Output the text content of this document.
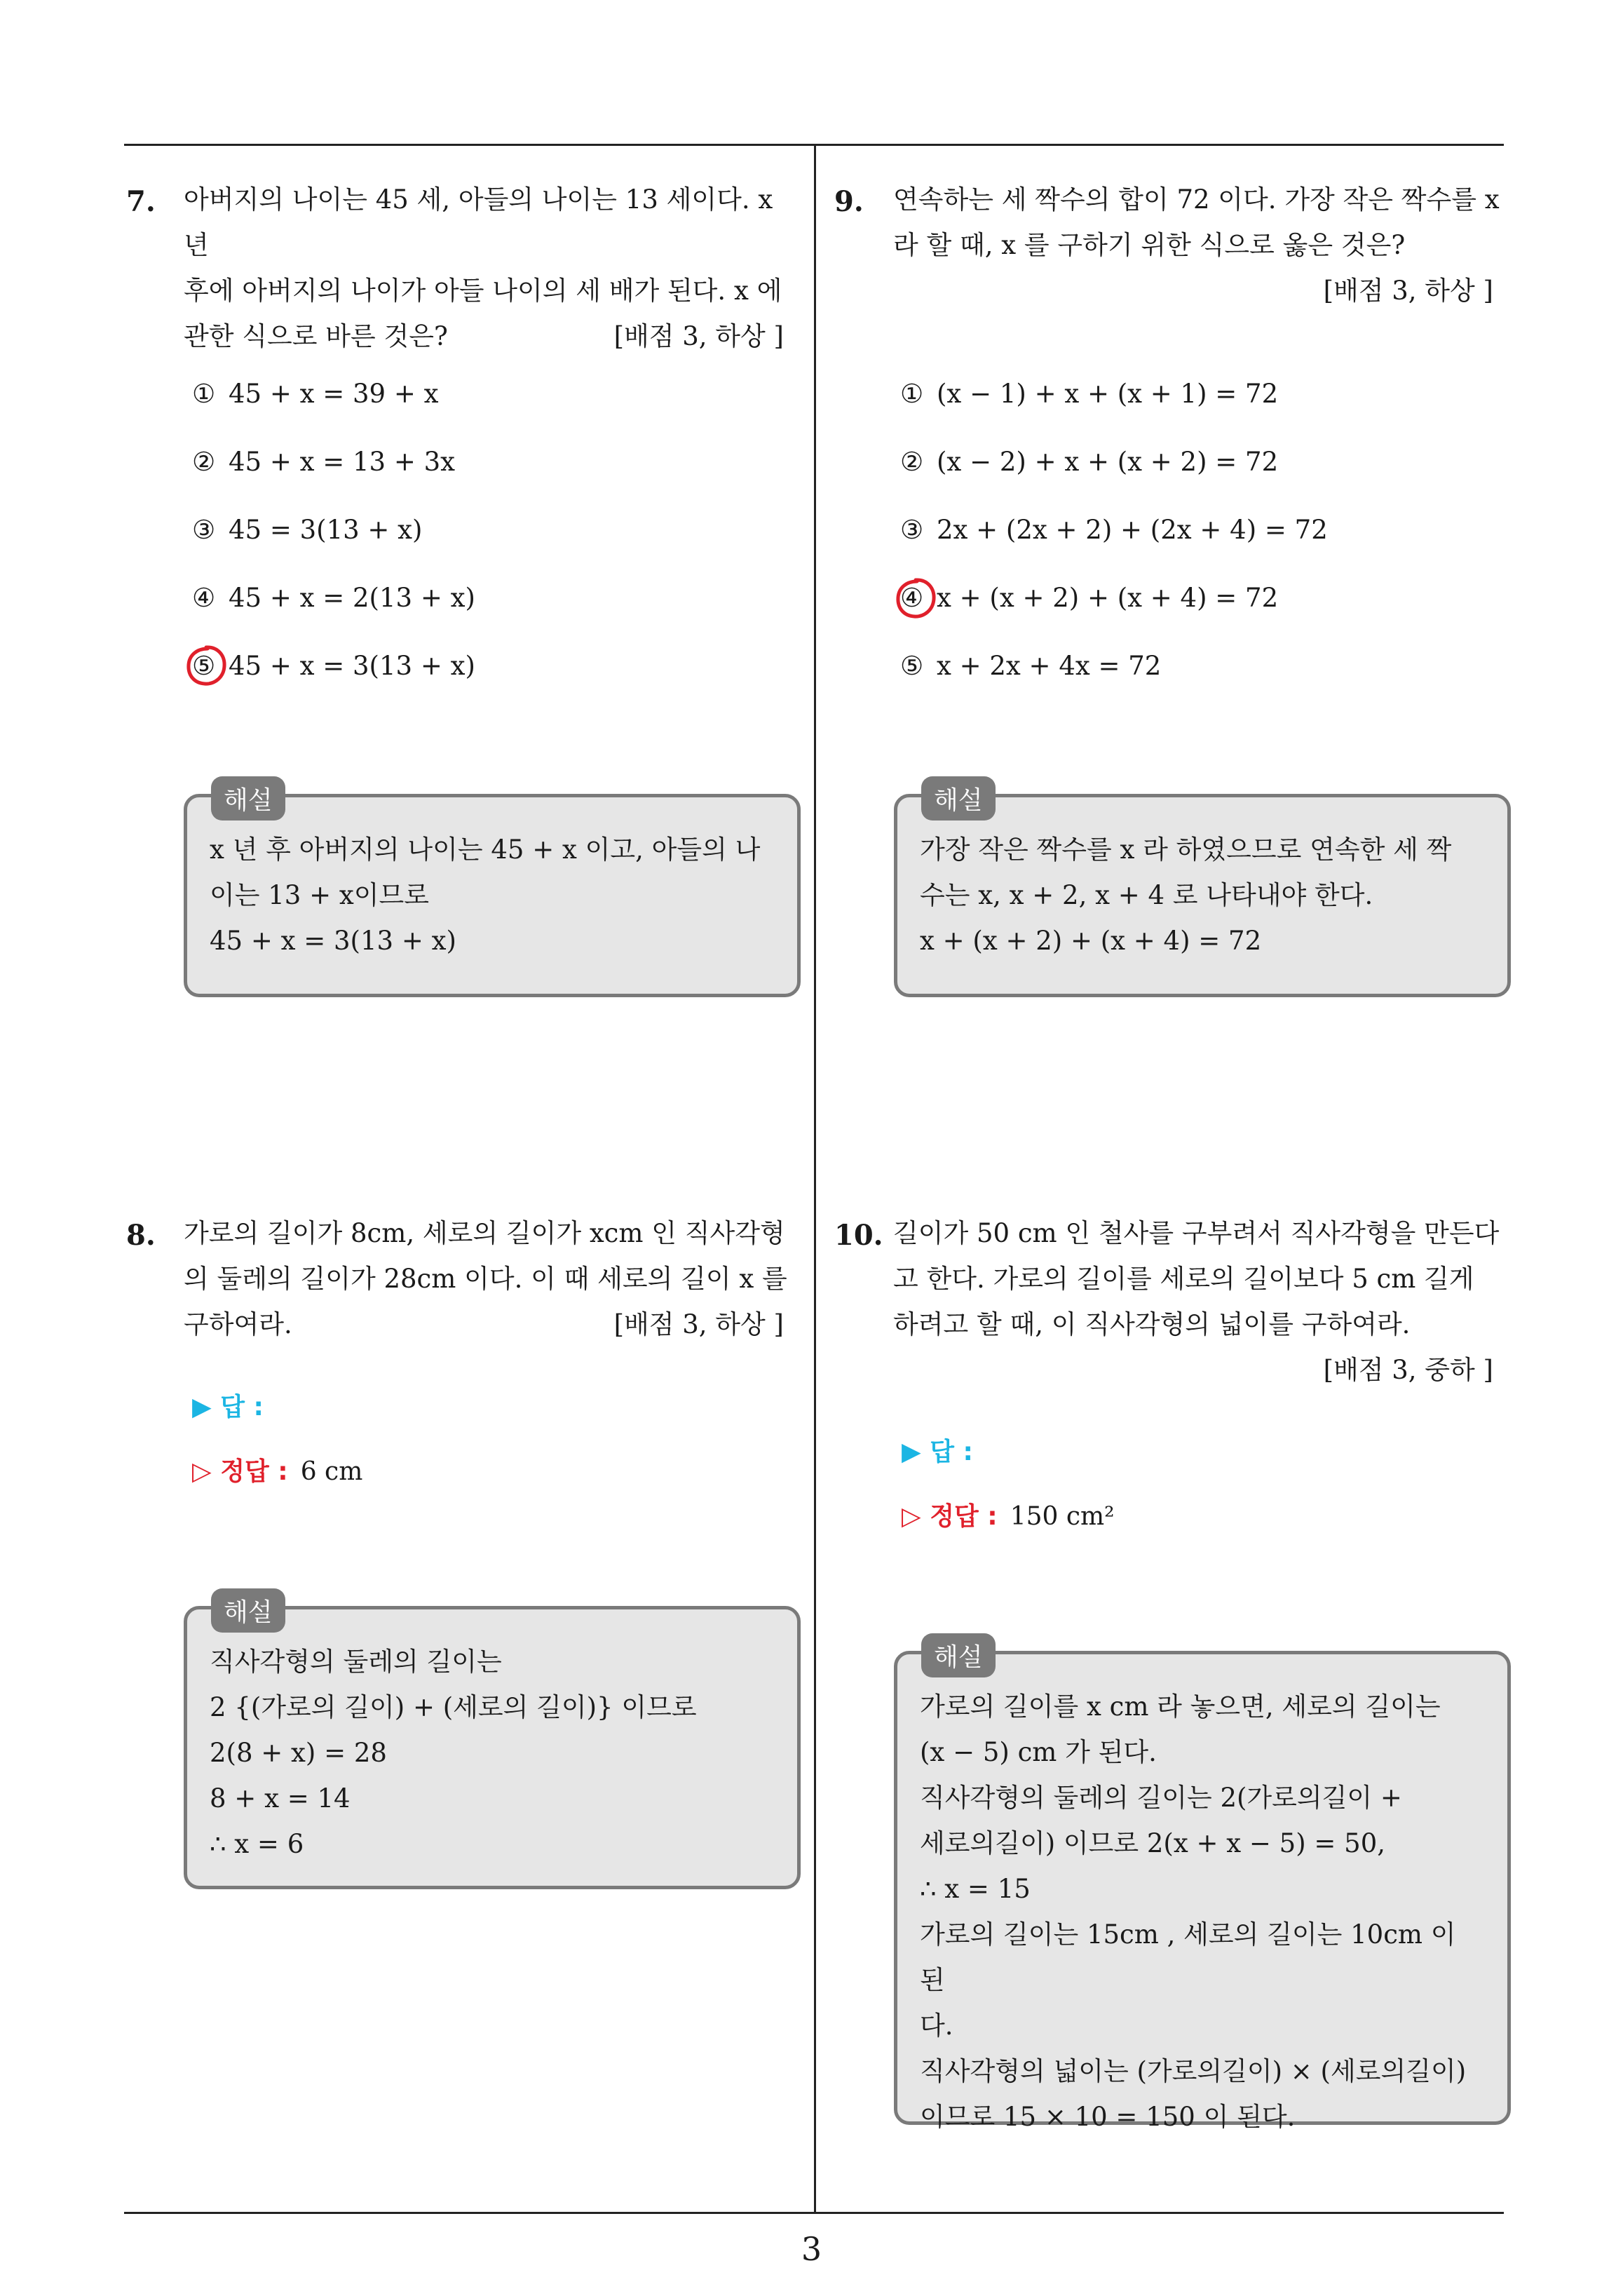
7. 아버지의 나이는 45 세, 아들의 나이는 13 세이다. x 년
후에 아버지의 나이가 아들 나이의 세 배가 된다. x 에
관한 식으로 바른 것은?	[배점 3, 하상 ]
① 45 + x = 39 + x
② 45 + x = 13 + 3x
③ 45 = 3(13 + x)
④ 45 + x = 2(13 + x)
⑤ 45 + x = 3(13 + x)
해설
x 년 후 아버지의 나이는 45 + x 이고, 아들의 나
이는 13 + x이므로
45 + x = 3(13 + x)
9. 연속하는 세 짝수의 합이 72 이다. 가장 작은 짝수를 x
라 할 때, x 를 구하기 위한 식으로 옳은 것은?
[배점 3, 하상 ]
① (x − 1) + x + (x + 1) = 72
② (x − 2) + x + (x + 2) = 72
③ 2x + (2x + 2) + (2x + 4) = 72
④ x + (x + 2) + (x + 4) = 72
⑤ x + 2x + 4x = 72
해설
가장 작은 짝수를 x 라 하였으므로 연속한 세 짝
수는 x, x + 2, x + 4 로 나타내야 한다.
x + (x + 2) + (x + 4) = 72
8. 가로의 길이가 8cm, 세로의 길이가 xcm 인 직사각형
의 둘레의 길이가 28cm 이다. 이 때 세로의 길이 x 를
구하여라.	[배점 3, 하상 ]
▶ 답 :
▷ 정답 : 6 cm
해설
직사각형의 둘레의 길이는
2 {(가로의 길이) + (세로의 길이)} 이므로
2(8 + x) = 28
8 + x = 14
∴ x = 6
10. 길이가 50 cm 인 철사를 구부려서 직사각형을 만든다
고 한다. 가로의 길이를 세로의 길이보다 5 cm 길게
하려고 할 때, 이 직사각형의 넓이를 구하여라.
[배점 3, 중하 ]
▶ 답 :
▷ 정답 : 150 cm²
해설
가로의 길이를 x cm 라 놓으면, 세로의 길이는
(x − 5) cm 가 된다.
직사각형의 둘레의 길이는 2(가로의길이 +
세로의길이) 이므로 2(x + x − 5) = 50,
∴ x = 15
가로의 길이는 15cm , 세로의 길이는 10cm 이 된
다.
직사각형의 넓이는 (가로의길이) × (세로의길이)
이므로 15 × 10 = 150 이 된다.
3
